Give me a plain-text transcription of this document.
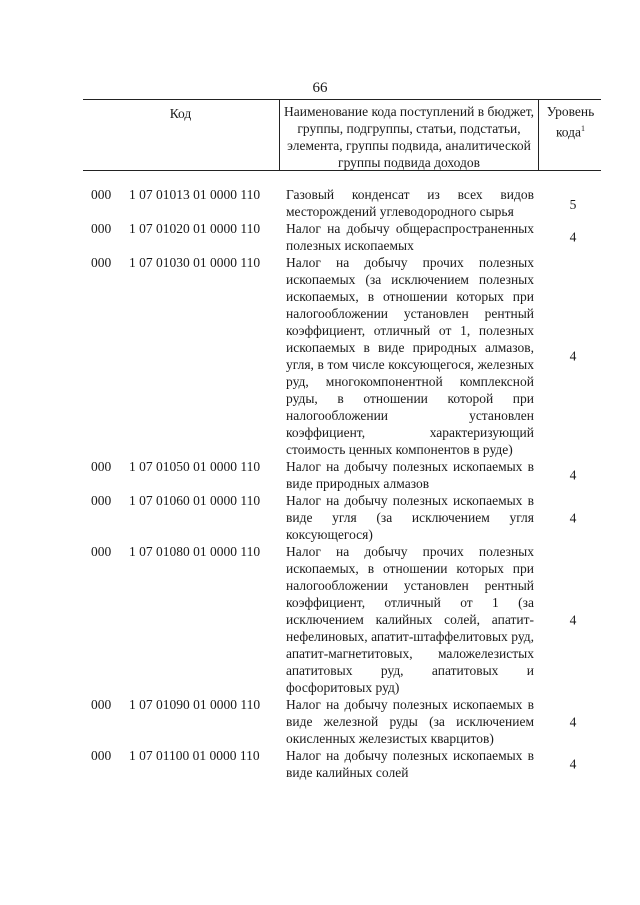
66
Код	Наименование кода поступлений в бюджет, группы, подгруппы, статьи, подстатьи, элемента, группы подвида, аналитической группы подвида доходов
Уровень кода$^1$
000 1 07 01013 01 0000 110 Газовый конденсат из всех видов месторождений углеводородного сырья	5
000 1 07 01020 01 0000 110 Налог на добычу общераспространенных полезных ископаемых
4
000 1 07 01030 01 0000 110 Налог на добычу прочих полезных ископаемых (за исключением полезных ископаемых, в отношении которых при налогообложении установлен рентный коэффициент, отличный от 1, полезных ископаемых в виде природных алмазов, угля, в том числе коксующегося, железных руд, многокомпонентной комплексной руды, в отношении которой при налогообложении установлен коэффициент, характеризующий стоимость ценных компонентов в руде)
4
000 1 07 01050 01 0000 110 Налог на добычу полезных ископаемых в виде природных алмазов
4
000 1 07 01060 01 0000 110 Налог на добычу полезных ископаемых в виде угля (за исключением угля коксующегося)
4
000 1 07 01080 01 0000 110 Налог на добычу прочих полезных ископаемых, в отношении которых при налогообложении установлен рентный коэффициент, отличный от 1 (за исключением калийных солей, апатит-нефелиновых, апатит-штаффелитовых руд, апатит-магнетитовых, маложелезистых апатитовых руд, апатитовых и фосфоритовых руд)
4
000 1 07 01090 01 0000 110 Налог на добычу полезных ископаемых в виде железной руды (за исключением окисленных железистых кварцитов)
4
000 1 07 01100 01 0000 110 Налог на добычу полезных ископаемых в виде калийных солей
4
